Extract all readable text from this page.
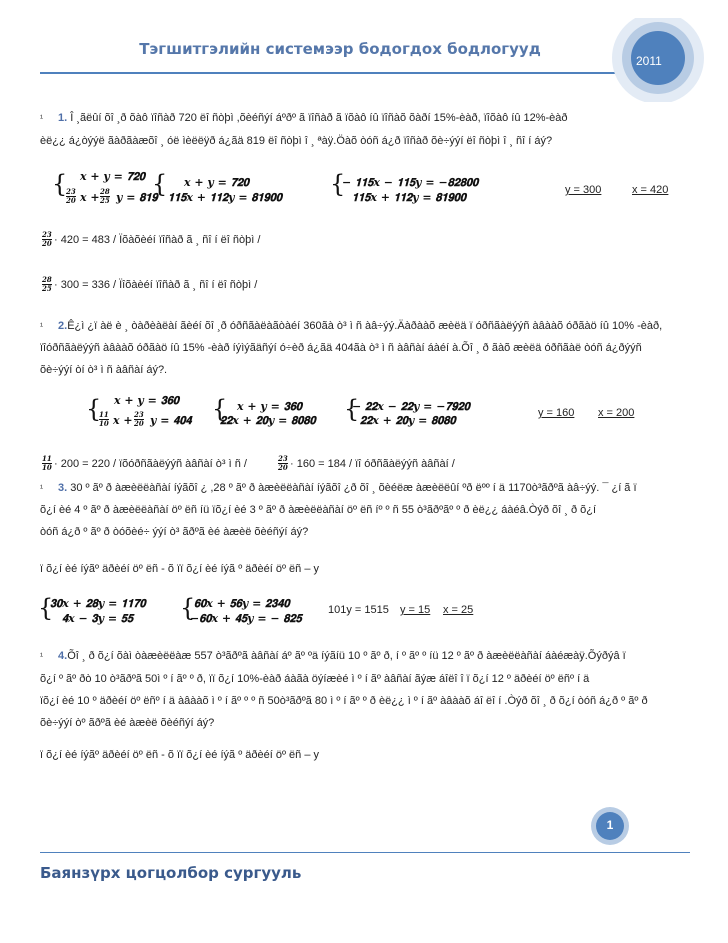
Тэгшитгэлийн системээр бодогдох бодлогууд
2011
¹ 1. Î ¸ãëûí õî ¸ð õàô ïîñàð 720 ëî ñòþì ,õèéñýí áºðº ã ïîñàð ã ïõàô íû ïîñàõ õàðí 15%-èàð, ïîõàô íû 12%-èàð
èë¿¿ á¿òýýë ãàðãàæõî ¸ óë ìèëëÿð á¿ãä 819 ëî ñòþì î ¸ ªàÿ.Öàõ òóñ á¿ð ïîñàð õè÷ýýí ëî ñòþì î ¸ ñî í áý?
{ 𝒙 + 𝒚 = 𝟕𝟐𝟎
$\frac{23}{20}$ 𝒙 + $\frac{28}{25}$ 𝒚 = 𝟖𝟏𝟗
{ 𝒙 + 𝒚 = 𝟕𝟐𝟎
𝟏𝟏𝟓𝒙 + 𝟏𝟏𝟐𝒚 = 𝟖𝟏𝟗𝟎𝟎 {
− 𝟏𝟏𝟓𝒙 − 𝟏𝟏𝟓𝒚 = −𝟖𝟐𝟖𝟎𝟎
𝟏𝟏𝟓𝒙 + 𝟏𝟏𝟐𝒚 = 𝟖𝟏𝟗𝟎𝟎
y = 300	x = 420
$\frac{23}{20} \cdot 420 = 483$ / Ïõàõèéí ïîñàð ã ¸ ñî í ëî ñòþì /
$\frac{28}{25} \cdot 300 = 336$ / Ïîõàèéí ïîñàð ã ¸ ñî í ëî ñòþì /
¹ 2.Ê¿ì ¿ï àë è ¸ òàðèàëàí ãèéí õî ¸ð óðñãàëàãòàéí 360ãà ò³ ì ñ àâ÷ýý.Äàðààõ æèëä ï óðñãàëýýñ àâààõ óðãàö íû 10% -èàð,
ïîóðñãàëýýñ àâààõ óðãàö íû 15% -èàð íýìýãäñýí ó÷èð á¿ãä 404ãà ò³ ì ñ àâñàí áàéí à.Õî ¸ ð ãàõ æèëä óðñãàë òóñ á¿ðýýñ
õè÷ýýí òí ò³ ì ñ àâñàí áý?.
{ 𝒙 + 𝒚 = 𝟑𝟔𝟎
$\frac{11}{10}$ 𝒙 + $\frac{23}{20}$ 𝒚 = 𝟒𝟎𝟒 { 𝒙 + 𝒚 = 𝟑𝟔𝟎
𝟐𝟐𝒙 + 𝟐𝟎𝒚 = 𝟖𝟎𝟖𝟎 {
− 𝟐𝟐𝒙 − 𝟐𝟐𝒚 = −𝟕𝟗𝟐𝟎
𝟐𝟐𝒙 + 𝟐𝟎𝒚 = 𝟖𝟎𝟖𝟎
y = 160 x = 200
$\frac{11}{10} \cdot 200 = 220$ / ïõóðñãàëýýñ àâñàí ò³ ì ñ /	$\frac{23}{20} \cdot 160 = 184$ / ïî óðñãàëýýñ àâñàí /
¹ 3. 30 º ãº ð àæèëëàñàí íýãõî ¿ ,28 º ãº ð àæèëëàñàí íýãõî ¿ð õî ¸ õèéëæ àæèëëûí ºð ëºº í ä 1170ò³ãðºã àâ÷ýý. ¯ ¿í ã ï
õ¿í èé 4 º ãº ð àæèëëàñàí öº ëñ íü ïõ¿í èé 3 º ãº ð àæèëëàñàí öº ëñ íº º ñ 55 ò³ãðºãº º ð èë¿¿ áàéâ.Òýð õî ¸ ð õ¿í
òóñ á¿ð º ãº ð òóõèé÷ ýýí ò³ ãðºã èé àæèë õèéñýí áý?
ï õ¿í èé íýãº äðèéí öº ëñ - õ ïï õ¿í èé íýã º äðèéí öº ëñ – y
{
𝟑𝟎𝒙 + 𝟐𝟖𝒚 = 𝟏𝟏𝟕𝟎
𝟒𝒙 − 𝟑𝒚 = 𝟓𝟓 {
𝟔𝟎𝒙 + 𝟓𝟔𝒚 = 𝟐𝟑𝟒𝟎
−𝟔𝟎𝒙 + 𝟒𝟓𝒚 = − 𝟖𝟐𝟓
101y = 1515 y = 15 x = 25
¹ 4.Õî ¸ ð õ¿í õàì òàæèëëàæ 557 ò³ãðºã àâñàí áº ãº ºä íýãíü 10 º ãº ð, í º ãº º íü 12 º ãº ð àæèëëàñàí áàéæàÿ.Õýðýâ ï
õ¿í º ãº ðò 10 ò³ãðºã 50ì º í ãº º ð, ïï õ¿í 10%-èàð áàãà öýíæèé ì º í ãº àâñàí ãýæ áîëî î ï õ¿í 12 º äðèéí öº ëñº í ä
ïõ¿í èé 10 º äðèéí öº ëñº í ä àâààõ ì º í ãº º º ñ 50ò³ãðºã 80 ì º í ãº º ð èë¿¿ ì º í ãº àâààõ áî ëî í .Òýð õî ¸ ð õ¿í òóñ á¿ð º ãº ð
õè÷ýýí òº ãðºã èé àæèë õèéñýí áý?
ï õ¿í èé íýãº äðèéí öº ëñ - õ ïï õ¿í èé íýã º äðèéí öº ëñ – y
1
Баянзүрх цогцолбор сургууль
